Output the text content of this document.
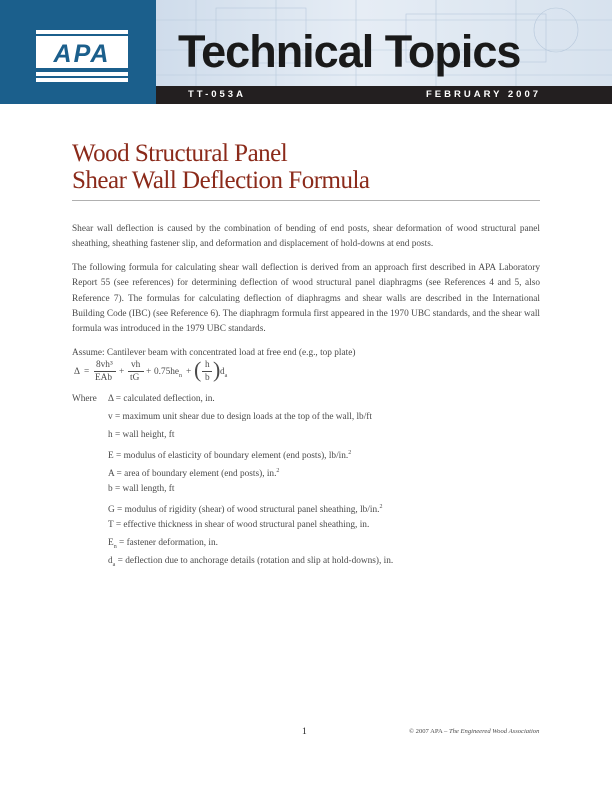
APA	Technical Topics
TT-053A	FEBRUARY 2007
Wood Structural Panel
Shear Wall Deflection Formula

Shear wall deflection is caused by the combination of bending of end posts, shear deformation of wood structural panel sheathing, sheathing fastener slip, and deformation and displacement of hold-downs at end posts.

The following formula for calculating shear wall deflection is derived from an approach first described in APA Laboratory Report 55 (see references) for determining deflection of wood structural panel diaphragms (see References 4 and 5, also Reference 7). The formulas for calculating deflection of diaphragms and shear walls are described in the International Building Code (IBC) (see Reference 6). The diaphragm formula first appeared in the 1970 UBC standards, and the shear wall formula was introduced in the 1979 UBC standards.

Assume: Cantilever beam with concentrated load at free end (e.g., top plate)

Δ =
8vh³
EAb
+
vh
tG
+ $0.75he_n$ + ( h
b ) $d_a$
Where Δ = calculated deflection, in.
v = maximum unit shear due to design loads at the top of the wall, lb/ft
h = wall height, ft
E = modulus of elasticity of boundary element (end posts), lb/in.$^2$
A = area of boundary element (end posts), in.$^2$
b = wall length, ft
G = modulus of rigidity (shear) of wood structural panel sheathing, lb/in.$^2$
T = effective thickness in shear of wood structural panel sheathing, in.
$E_n$ = fastener deformation, in.
$d_a$ = deflection due to anchorage details (rotation and slip at hold-downs), in.
1	© 2007 APA – The Engineered Wood Association
